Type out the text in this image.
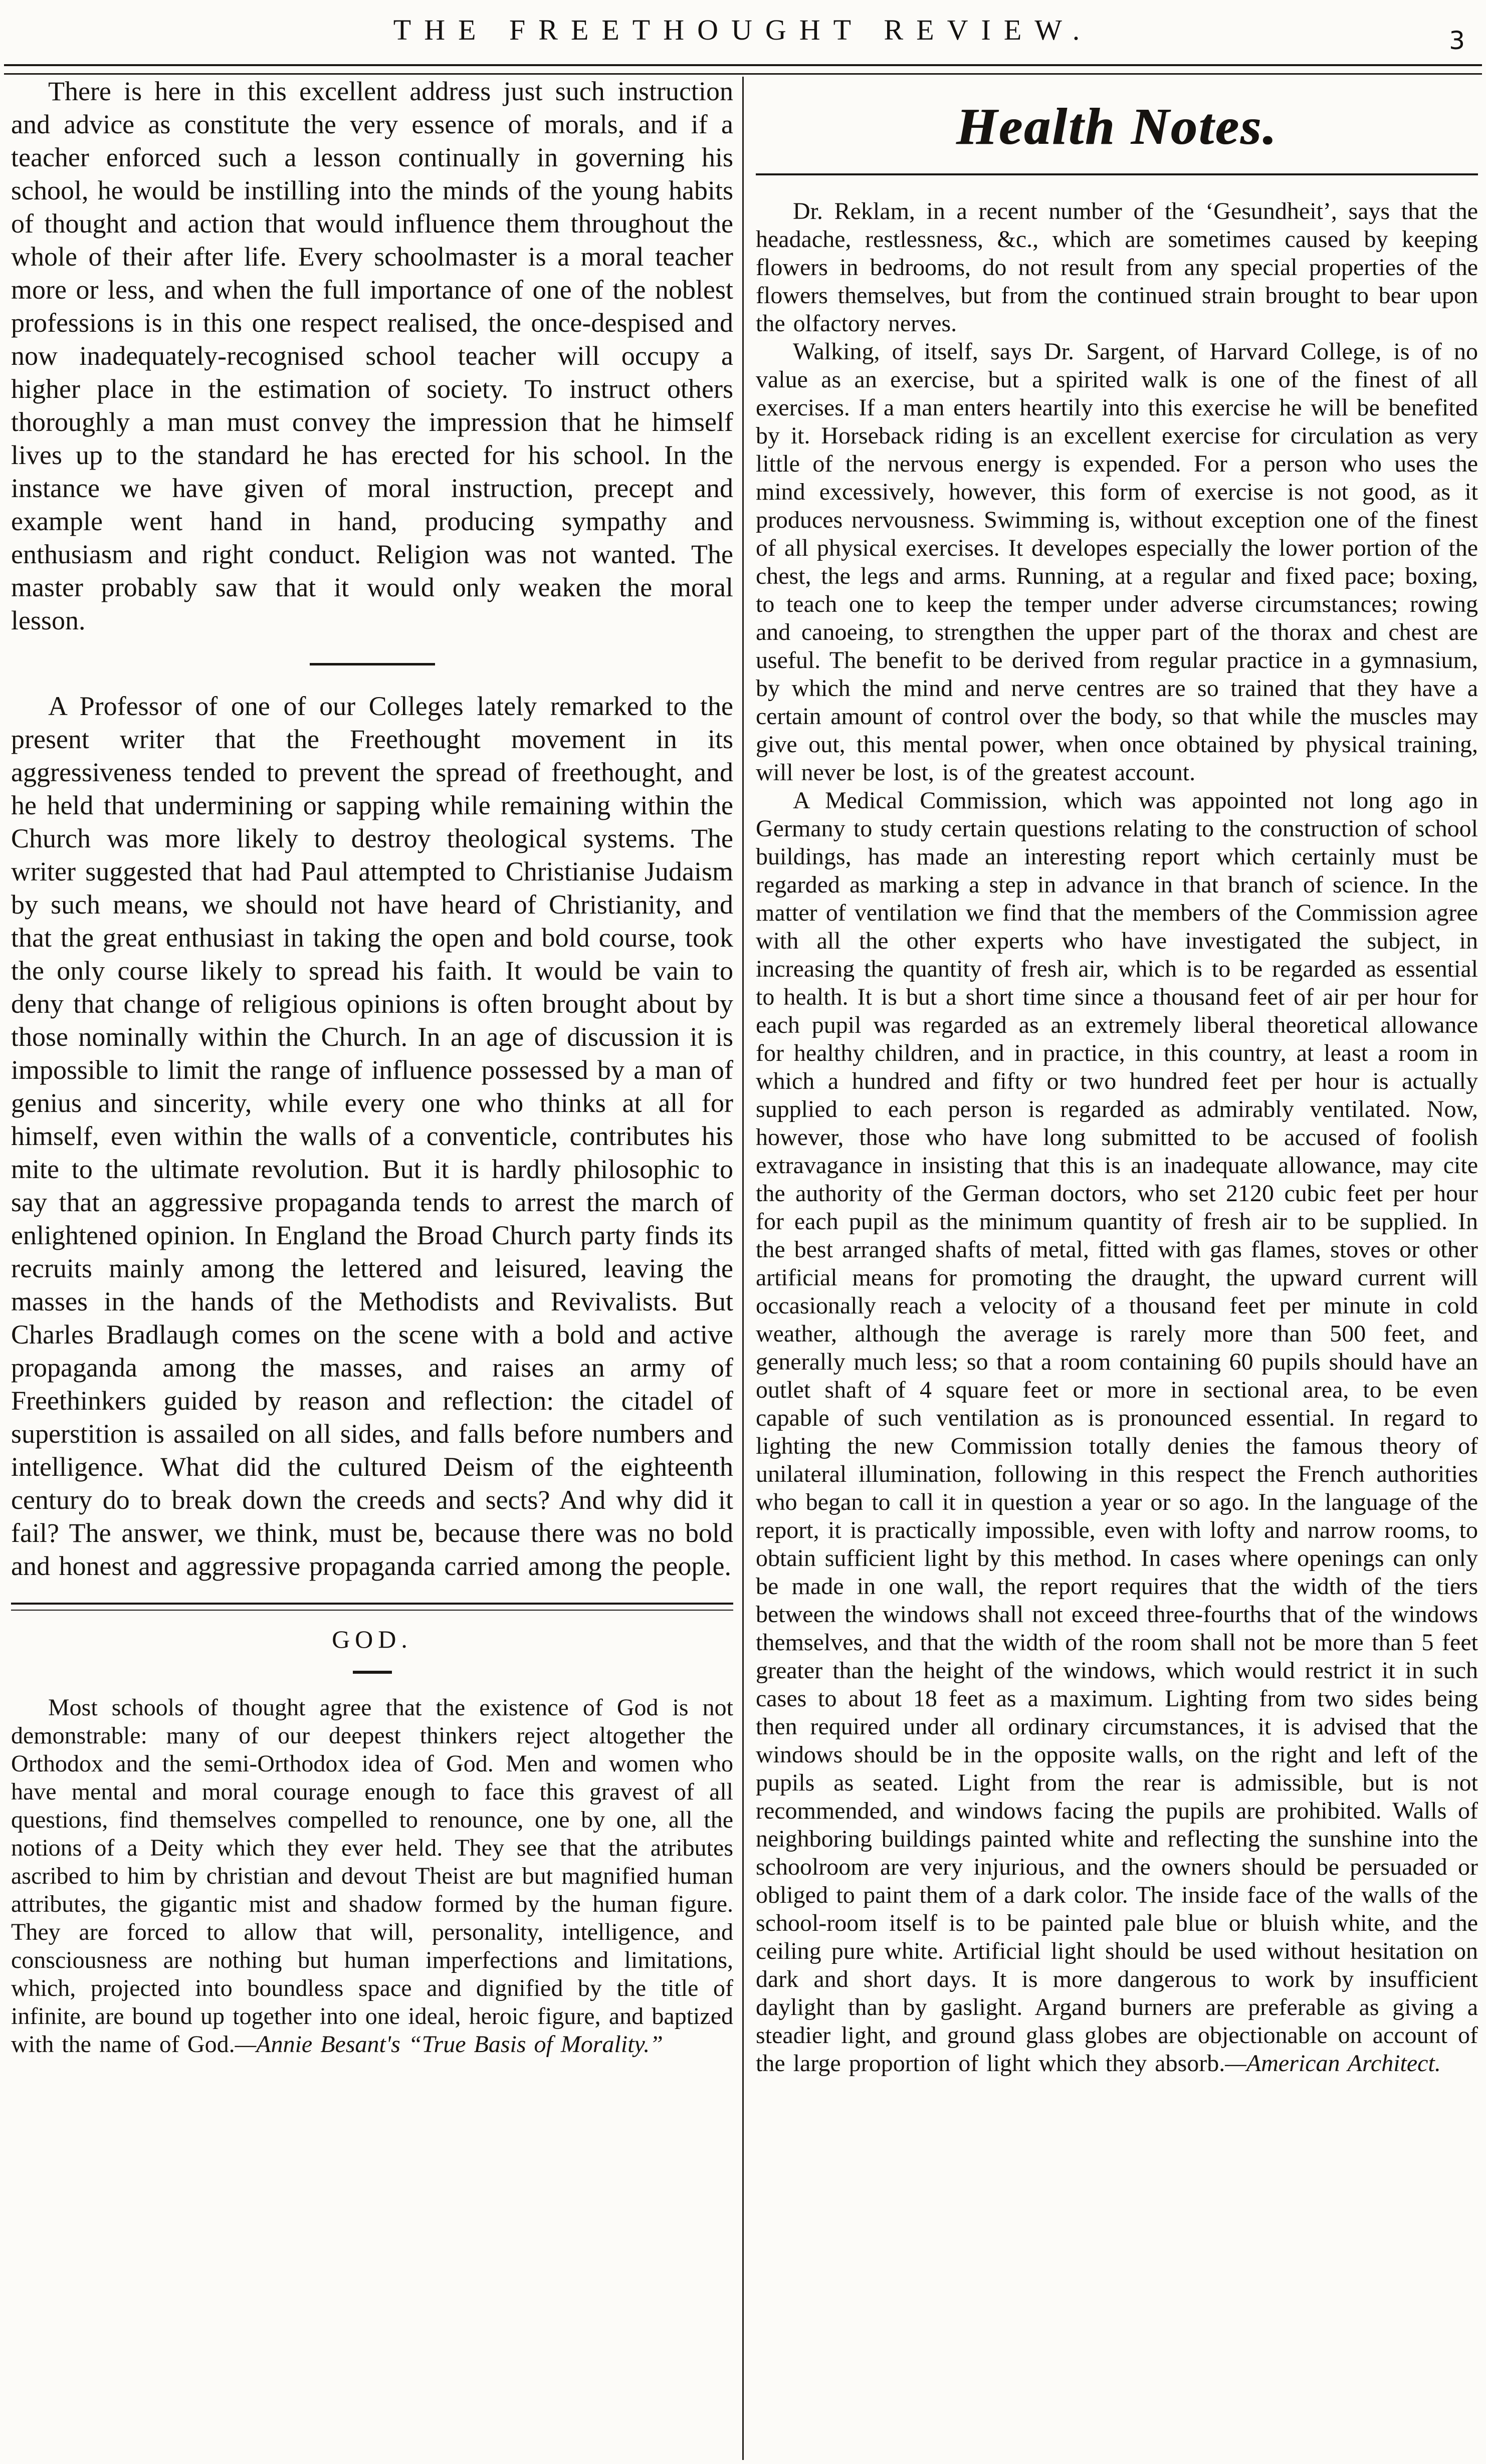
THE FREETHOUGHT REVIEW.	3

There is here in this excellent address just such instruction and advice as constitute the very essence of morals, and if a teacher enforced such a lesson continually in governing his school, he would be instilling into the minds of the young habits of thought and action that would influence them throughout the whole of their after life. Every schoolmaster is a moral teacher more or less, and when the full importance of one of the noblest professions is in this one respect realised, the once-despised and now inadequately-recognised school teacher will occupy a higher place in the estimation of society. To instruct others thoroughly a man must convey the impression that he himself lives up to the standard he has erected for his school. In the instance we have given of moral instruction, precept and example went hand in hand, producing sympathy and enthusiasm and right conduct. Religion was not wanted. The master probably saw that it would only weaken the moral lesson.

A Professor of one of our Colleges lately remarked to the present writer that the Freethought movement in its aggressiveness tended to prevent the spread of freethought, and he held that undermining or sapping while remaining within the Church was more likely to destroy theological systems. The writer suggested that had Paul attempted to Christianise Judaism by such means, we should not have heard of Christianity, and that the great enthusiast in taking the open and bold course, took the only course likely to spread his faith. It would be vain to deny that change of religious opinions is often brought about by those nominally within the Church. In an age of discussion it is impossible to limit the range of influence possessed by a man of genius and sincerity, while every one who thinks at all for himself, even within the walls of a conventicle, contributes his mite to the ultimate revolution. But it is hardly philosophic to say that an aggressive propaganda tends to arrest the march of enlightened opinion. In England the Broad Church party finds its recruits mainly among the lettered and leisured, leaving the masses in the hands of the Methodists and Revivalists. But Charles Bradlaugh comes on the scene with a bold and active propaganda among the masses, and raises an army of Freethinkers guided by reason and reflection: the citadel of superstition is assailed on all sides, and falls before numbers and intelligence. What did the cultured Deism of the eighteenth century do to break down the creeds and sects? And why did it fail? The answer, we think, must be, because there was no bold and honest and aggressive propaganda carried among the people.

GOD.

Most schools of thought agree that the existence of God is not demonstrable: many of our deepest thinkers reject altogether the Orthodox and the semi-Orthodox idea of God. Men and women who have mental and moral courage enough to face this gravest of all questions, find themselves compelled to renounce, one by one, all the notions of a Deity which they ever held. They see that the atributes ascribed to him by christian and devout Theist are but magnified human attributes, the gigantic mist and shadow formed by the human figure. They are forced to allow that will, personality, intelligence, and consciousness are nothing but human imperfections and limitations, which, projected into boundless space and dignified by the title of infinite, are bound up together into one ideal, heroic figure, and baptized with the name of God.—Annie Besant's “True Basis of Morality.”

Health Notes.

Dr. Reklam, in a recent number of the ‘Gesundheit’, says that the headache, restlessness, &c., which are sometimes caused by keeping flowers in bedrooms, do not result from any special properties of the flowers themselves, but from the continued strain brought to bear upon the olfactory nerves.

Walking, of itself, says Dr. Sargent, of Harvard College, is of no value as an exercise, but a spirited walk is one of the finest of all exercises. If a man enters heartily into this exercise he will be benefited by it. Horseback riding is an excellent exercise for circulation as very little of the nervous energy is expended. For a person who uses the mind excessively, however, this form of exercise is not good, as it produces nervousness. Swimming is, without exception one of the finest of all physical exercises. It developes especially the lower portion of the chest, the legs and arms. Running, at a regular and fixed pace; boxing, to teach one to keep the temper under adverse circumstances; rowing and canoeing, to strengthen the upper part of the thorax and chest are useful. The benefit to be derived from regular practice in a gymnasium, by which the mind and nerve centres are so trained that they have a certain amount of control over the body, so that while the muscles may give out, this mental power, when once obtained by physical training, will never be lost, is of the greatest account.

A Medical Commission, which was appointed not long ago in Germany to study certain questions relating to the construction of school buildings, has made an interesting report which certainly must be regarded as marking a step in advance in that branch of science. In the matter of ventilation we find that the members of the Commission agree with all the other experts who have investigated the subject, in increasing the quantity of fresh air, which is to be regarded as essential to health. It is but a short time since a thousand feet of air per hour for each pupil was regarded as an extremely liberal theoretical allowance for healthy children, and in practice, in this country, at least a room in which a hundred and fifty or two hundred feet per hour is actually supplied to each person is regarded as admirably ventilated. Now, however, those who have long submitted to be accused of foolish extravagance in insisting that this is an inadequate allowance, may cite the authority of the German doctors, who set 2120 cubic feet per hour for each pupil as the minimum quantity of fresh air to be supplied. In the best arranged shafts of metal, fitted with gas flames, stoves or other artificial means for promoting the draught, the upward current will occasionally reach a velocity of a thousand feet per minute in cold weather, although the average is rarely more than 500 feet, and generally much less; so that a room containing 60 pupils should have an outlet shaft of 4 square feet or more in sectional area, to be even capable of such ventilation as is pronounced essential. In regard to lighting the new Commission totally denies the famous theory of unilateral illumination, following in this respect the French authorities who began to call it in question a year or so ago. In the language of the report, it is practically impossible, even with lofty and narrow rooms, to obtain sufficient light by this method. In cases where openings can only be made in one wall, the report requires that the width of the tiers between the windows shall not exceed three-fourths that of the windows themselves, and that the width of the room shall not be more than 5 feet greater than the height of the windows, which would restrict it in such cases to about 18 feet as a maximum. Lighting from two sides being then required under all ordinary circumstances, it is advised that the windows should be in the opposite walls, on the right and left of the pupils as seated. Light from the rear is admissible, but is not recommended, and windows facing the pupils are prohibited. Walls of neighboring buildings painted white and reflecting the sunshine into the schoolroom are very injurious, and the owners should be persuaded or obliged to paint them of a dark color. The inside face of the walls of the school-room itself is to be painted pale blue or bluish white, and the ceiling pure white. Artificial light should be used without hesitation on dark and short days. It is more dangerous to work by insufficient daylight than by gaslight. Argand burners are preferable as giving a steadier light, and ground glass globes are objectionable on account of the large proportion of light which they absorb.—American Architect.
